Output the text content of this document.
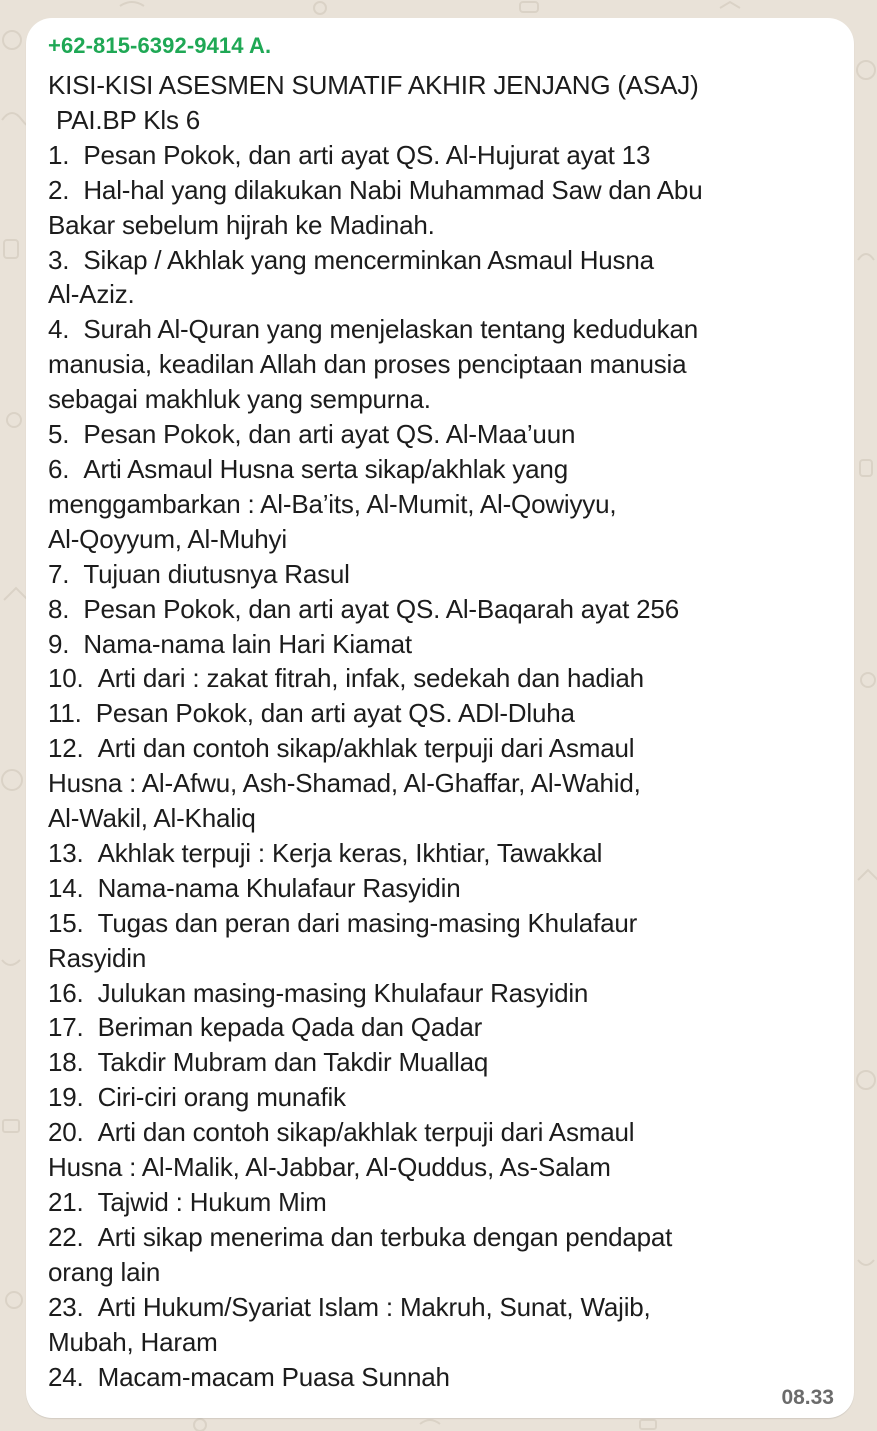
+62-815-6392-9414 A.
KISI-KISI ASESMEN SUMATIF AKHIR JENJANG (ASAJ)
PAI.BP Kls 6
1. Pesan Pokok, dan arti ayat QS. Al-Hujurat ayat 13
2. Hal-hal yang dilakukan Nabi Muhammad Saw dan Abu
Bakar sebelum hijrah ke Madinah.
3. Sikap / Akhlak yang mencerminkan Asmaul Husna
Al-Aziz.
4. Surah Al-Quran yang menjelaskan tentang kedudukan
manusia, keadilan Allah dan proses penciptaan manusia
sebagai makhluk yang sempurna.
5. Pesan Pokok, dan arti ayat QS. Al-Maa’uun
6. Arti Asmaul Husna serta sikap/akhlak yang
menggambarkan : Al-Ba’its, Al-Mumit, Al-Qowiyyu,
Al-Qoyyum, Al-Muhyi
7. Tujuan diutusnya Rasul
8. Pesan Pokok, dan arti ayat QS. Al-Baqarah ayat 256
9. Nama-nama lain Hari Kiamat
10. Arti dari : zakat fitrah, infak, sedekah dan hadiah
11. Pesan Pokok, dan arti ayat QS. ADl-Dluha
12. Arti dan contoh sikap/akhlak terpuji dari Asmaul
Husna : Al-Afwu, Ash-Shamad, Al-Ghaffar, Al-Wahid,
Al-Wakil, Al-Khaliq
13. Akhlak terpuji : Kerja keras, Ikhtiar, Tawakkal
14. Nama-nama Khulafaur Rasyidin
15. Tugas dan peran dari masing-masing Khulafaur
Rasyidin
16. Julukan masing-masing Khulafaur Rasyidin
17. Beriman kepada Qada dan Qadar
18. Takdir Mubram dan Takdir Muallaq
19. Ciri-ciri orang munafik
20. Arti dan contoh sikap/akhlak terpuji dari Asmaul
Husna : Al-Malik, Al-Jabbar, Al-Quddus, As-Salam
21. Tajwid : Hukum Mim
22. Arti sikap menerima dan terbuka dengan pendapat
orang lain
23. Arti Hukum/Syariat Islam : Makruh, Sunat, Wajib,
Mubah, Haram
24. Macam-macam Puasa Sunnah
08.33
